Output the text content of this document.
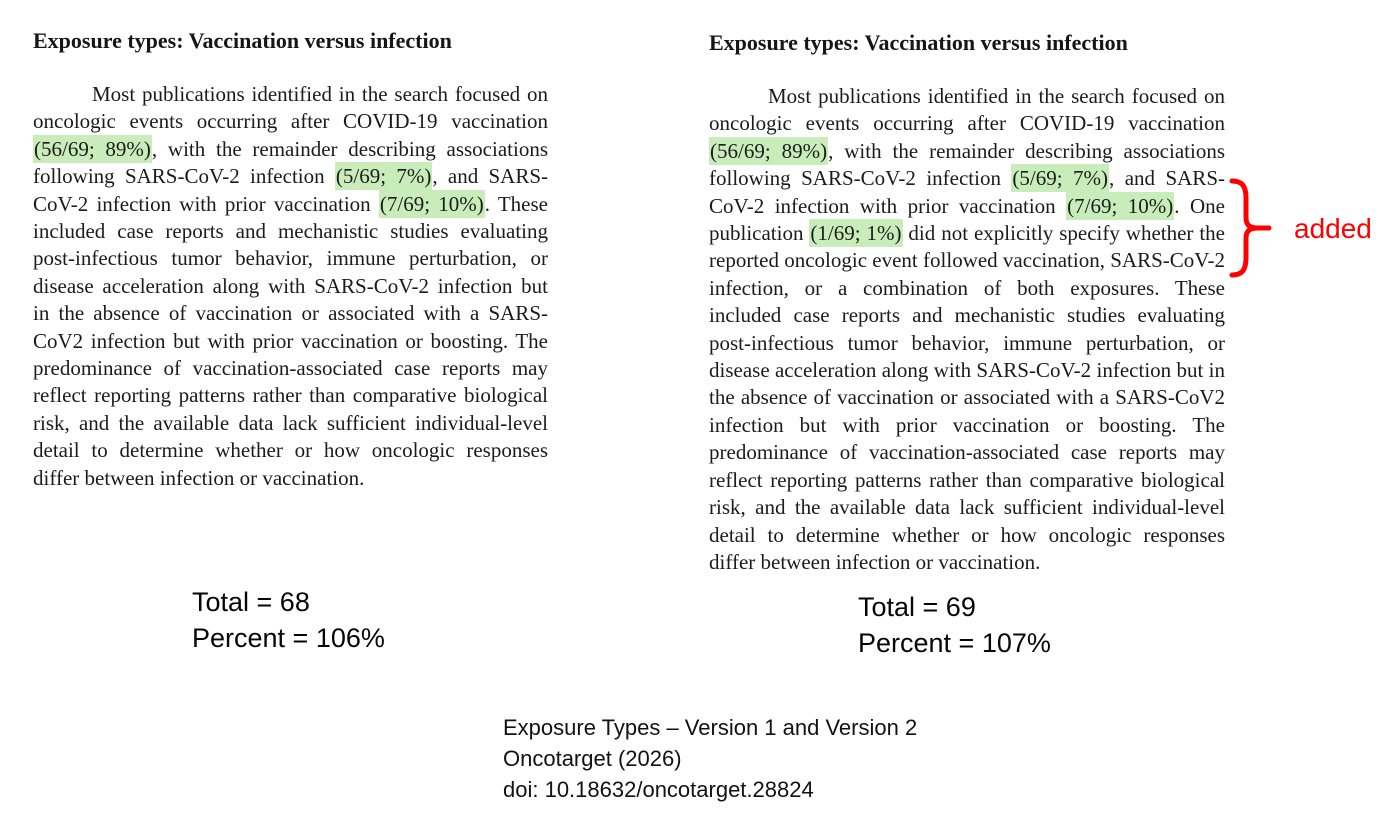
Exposure types: Vaccination versus infection

Most publications identified in the search focused on oncologic events occurring after COVID-19 vaccination (56/69; 89%), with the remainder describing associations following SARS-CoV-2 infection (5/69; 7%), and SARS-CoV-2 infection with prior vaccination (7/69; 10%). These included case reports and mechanistic studies evaluating post-infectious tumor behavior, immune perturbation, or disease acceleration along with SARS-CoV-2 infection but in the absence of vaccination or associated with a SARS-CoV2 infection but with prior vaccination or boosting. The predominance of vaccination-associated case reports may reflect reporting patterns rather than comparative biological risk, and the available data lack sufficient individual-level detail to determine whether or how oncologic responses differ between infection or vaccination.

Exposure types: Vaccination versus infection

Most publications identified in the search focused on oncologic events occurring after COVID-19 vaccination (56/69; 89%), with the remainder describing associations following SARS-CoV-2 infection (5/69; 7%), and SARS-CoV-2 infection with prior vaccination (7/69; 10%). One publication (1/69; 1%) did not explicitly specify whether the reported oncologic event followed vaccination, SARS-CoV-2 infection, or a combination of both exposures. These included case reports and mechanistic studies evaluating post-infectious tumor behavior, immune perturbation, or disease acceleration along with SARS-CoV-2 infection but in the absence of vaccination or associated with a SARS-CoV2 infection but with prior vaccination or boosting. The predominance of vaccination-associated case reports may reflect reporting patterns rather than comparative biological risk, and the available data lack sufficient individual-level detail to determine whether or how oncologic responses differ between infection or vaccination.

added
Total = 68
Percent = 106%
Total = 69
Percent = 107%
Exposure Types – Version 1 and Version 2
Oncotarget (2026)
doi: 10.18632/oncotarget.28824
